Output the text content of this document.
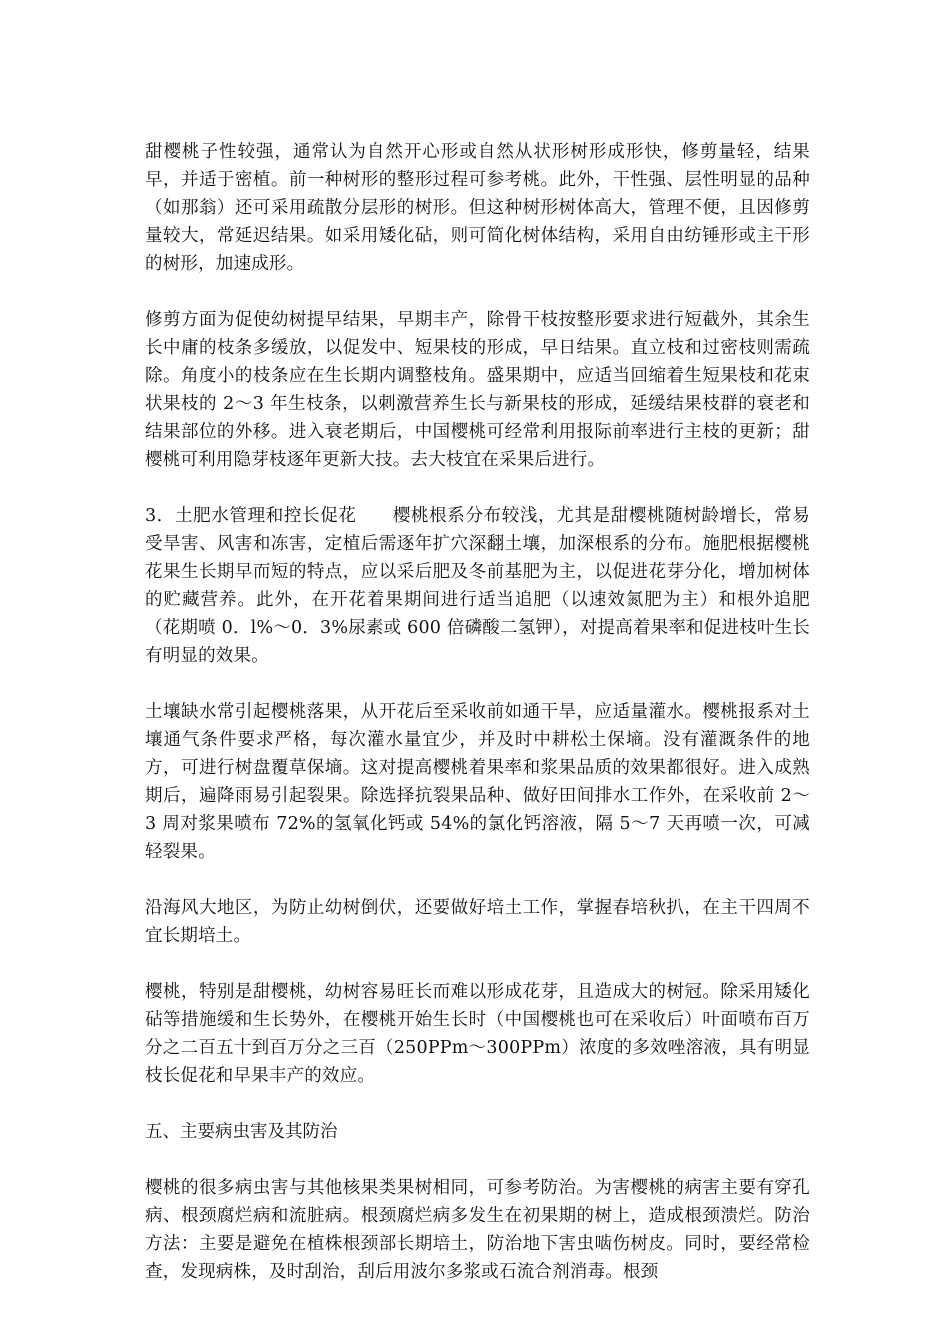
甜樱桃子性较强，通常认为自然开心形或自然从状形树形成形快，修剪量轻，结果早，并适于密植。前一种树形的整形过程可参考桃。此外，干性强、层性明显的品种（如那翁）还可采用疏散分层形的树形。但这种树形树体高大，管理不便，且因修剪量较大，常延迟结果。如采用矮化砧，则可简化树体结构，采用自由纺锤形或主干形的树形，加速成形。

修剪方面为促使幼树提早结果，早期丰产，除骨干枝按整形要求进行短截外，其余生长中庸的枝条多缓放，以促发中、短果枝的形成，早日结果。直立枝和过密枝则需疏除。角度小的枝条应在生长期内调整枝角。盛果期中，应适当回缩着生短果枝和花束状果枝的 2～3 年生枝条，以刺激营养生长与新果枝的形成，延缓结果枝群的衰老和结果部位的外移。进入衰老期后，中国樱桃可经常利用报际前率进行主枝的更新；甜樱桃可利用隐芽枝逐年更新大技。去大枝宜在采果后进行。

3．土肥水管理和控长促花　　樱桃根系分布较浅，尤其是甜樱桃随树龄增长，常易受旱害、风害和冻害，定植后需逐年扩穴深翻土壤，加深根系的分布。施肥根据樱桃花果生长期早而短的特点，应以采后肥及冬前基肥为主，以促进花芽分化，增加树体的贮藏营养。此外，在开花着果期间进行适当追肥（以速效氮肥为主）和根外追肥（花期喷 0．l%～0．3%尿素或 600 倍磷酸二氢钾），对提高着果率和促进枝叶生长有明显的效果。

土壤缺水常引起樱桃落果，从开花后至采收前如通干旱，应适量灌水。樱桃报系对土壤通气条件要求严格，每次灌水量宜少，并及时中耕松土保墒。没有灌溉条件的地方，可进行树盘覆草保墒。这对提高樱桃着果率和浆果品质的效果都很好。进入成熟期后，遍降雨易引起裂果。除选择抗裂果品种、做好田间排水工作外，在采收前 2～3 周对浆果喷布 72%的氢氧化钙或 54%的氯化钙溶液，隔 5～7 天再喷一次，可减轻裂果。

沿海风大地区，为防止幼树倒伏，还要做好培土工作，掌握春培秋扒，在主干四周不宜长期培土。

樱桃，特别是甜樱桃，幼树容易旺长而难以形成花芽，且造成大的树冠。除采用矮化砧等措施缓和生长势外，在樱桃开始生长时（中国樱桃也可在采收后）叶面喷布百万分之二百五十到百万分之三百（250PPm～300PPm）浓度的多效唑溶液，具有明显枝长促花和早果丰产的效应。

五、主要病虫害及其防治

樱桃的很多病虫害与其他核果类果树相同，可参考防治。为害樱桃的病害主要有穿孔病、根颈腐烂病和流脏病。根颈腐烂病多发生在初果期的树上，造成根颈溃烂。防治方法：主要是避免在植株根颈部长期培土，防治地下害虫啮伤树皮。同时，要经常检查，发现病株，及时刮治，刮后用波尔多浆或石流合剂消毒。根颈
